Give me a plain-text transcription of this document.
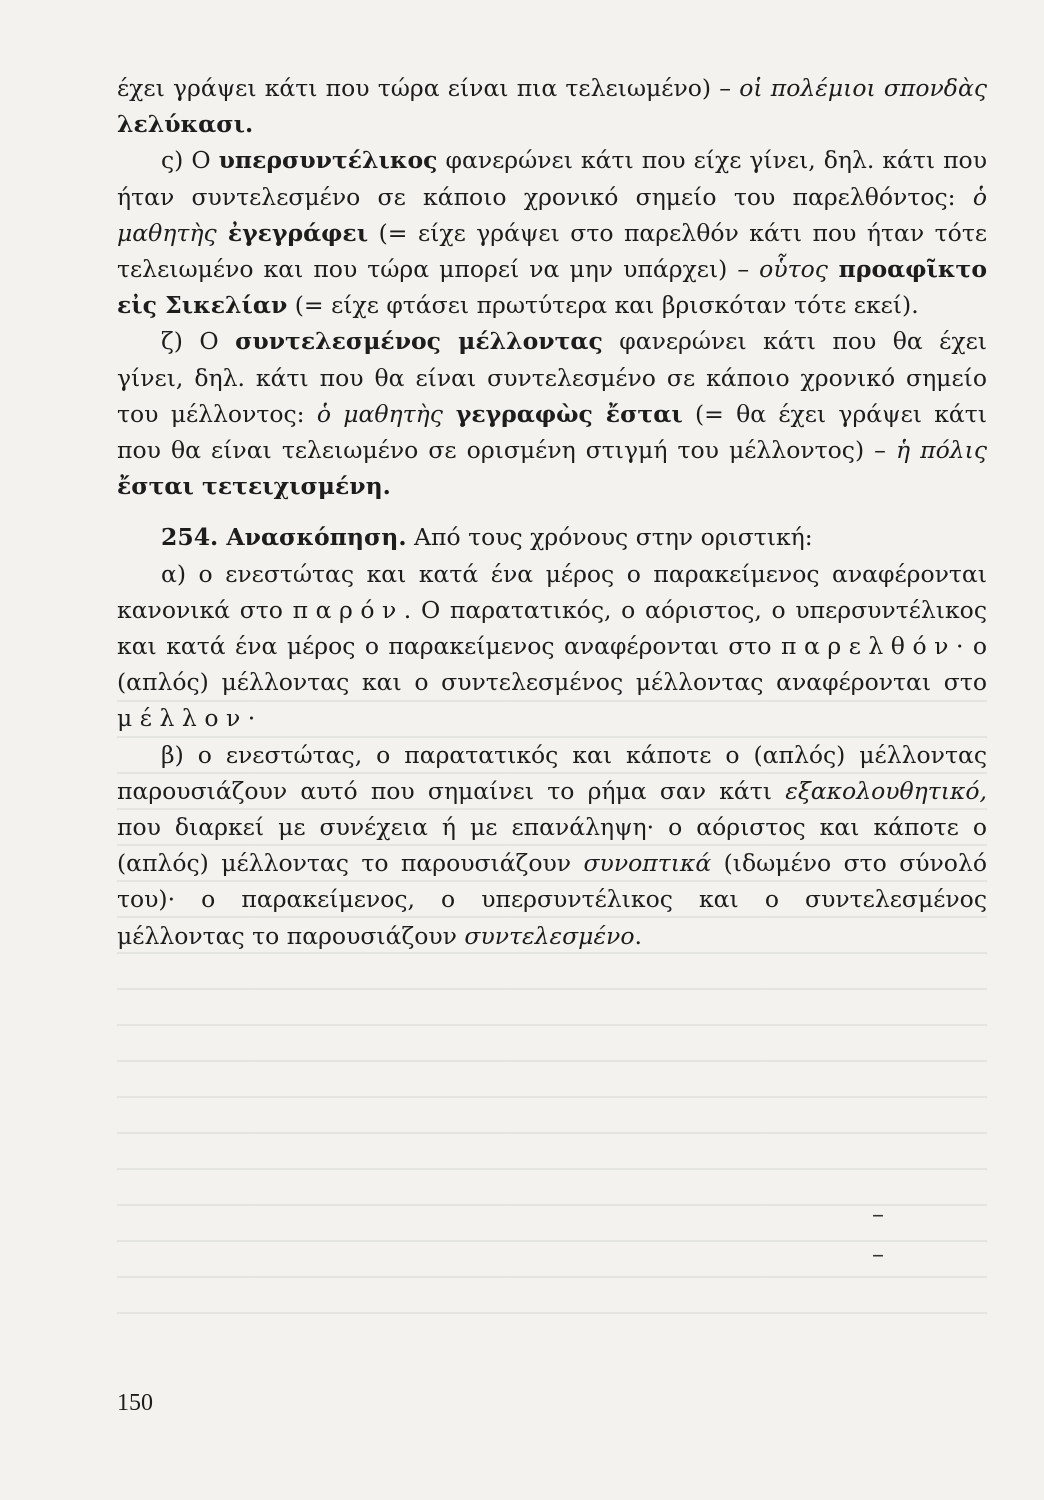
έχει γράψει κάτι που τώρα είναι πια τελειωμένο) – οἱ πολέμιοι σπονδὰς λελύκασι.

ς) Ο υπερσυντέλικος φανερώνει κάτι που είχε γίνει, δηλ. κάτι που ήταν συντελεσμένο σε κάποιο χρονικό σημείο του παρελθόντος: ὁ μαθητὴς ἐγεγράφει (= είχε γράψει στο παρελθόν κάτι που ήταν τότε τελειωμένο και που τώρα μπορεί να μην υπάρχει) – οὗτος προαφῖκτο εἰς Σικελίαν (= είχε φτάσει πρωτύτερα και βρισκόταν τότε εκεί).

ζ) Ο συντελεσμένος μέλλοντας φανερώνει κάτι που θα έχει γίνει, δηλ. κάτι που θα είναι συντελεσμένο σε κάποιο χρονικό σημείο του μέλλοντος: ὁ μαθητὴς γεγραφὼς ἔσται (= θα έχει γράψει κάτι που θα είναι τελειωμένο σε ορισμένη στιγμή του μέλλοντος) – ἡ πόλις ἔσται τετειχισμένη.

254. Ανασκόπηση. Από τους χρόνους στην οριστική:

α) ο ενεστώτας και κατά ένα μέρος ο παρακείμενος αναφέρονται κανονικά στο παρόν. Ο παρατατικός, ο αόριστος, ο υπερσυντέλικος και κατά ένα μέρος ο παρακείμενος αναφέρονται στο παρελθόν· ο (απλός) μέλλοντας και ο συντελεσμένος μέλλοντας αναφέρονται στο μέλλον·

β) ο ενεστώτας, ο παρατατικός και κάποτε ο (απλός) μέλλοντας παρουσιάζουν αυτό που σημαίνει το ρήμα σαν κάτι εξακολουθητικό, που διαρκεί με συνέχεια ή με επανάληψη· ο αόριστος και κάποτε ο (απλός) μέλλοντας το παρουσιάζουν συνοπτικά (ιδωμένο στο σύνολό του)· ο παρακείμενος, ο υπερσυντέλικος και ο συντελεσμένος μέλλοντας το παρουσιάζουν συντελεσμένο.

–
–
150
